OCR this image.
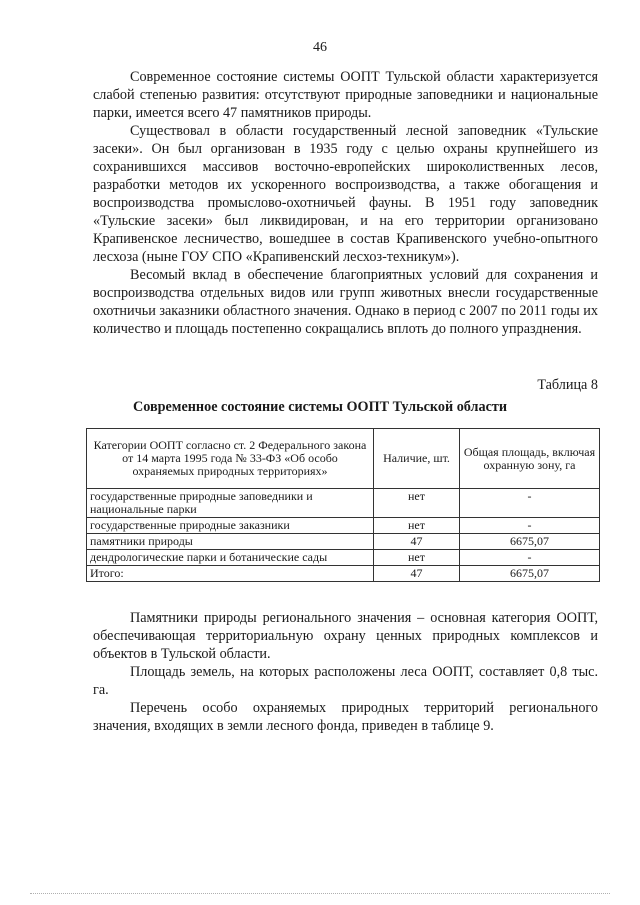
46

Современное состояние системы ООПТ Тульской области характеризуется слабой степенью развития: отсутствуют природные заповедники и национальные парки, имеется всего 47 памятников природы.

Существовал в области государственный лесной заповедник «Тульские засеки». Он был организован в 1935 году с целью охраны крупнейшего из сохранившихся массивов восточно-европейских широколиственных лесов, разработки методов их ускоренного воспроизводства, а также обогащения и воспроизводства промыслово-охотничьей фауны. В 1951 году заповедник «Тульские засеки» был ликвидирован, и на его территории организовано Крапивенское лесничество, вошедшее в состав Крапивенского учебно-опытного лесхоза (ныне ГОУ СПО «Крапивенский лесхоз-техникум»).

Весомый вклад в обеспечение благоприятных условий для сохранения и воспроизводства отдельных видов или групп животных внесли государственные охотничьи заказники областного значения. Однако в период с 2007 по 2011 годы их количество и площадь постепенно сокращались вплоть до полного упразднения.

Таблица 8
Современное состояние системы ООПТ Тульской области
Категории ООПТ согласно ст. 2 Федерального закона от 14 марта 1995 года № 33-ФЗ «Об особо охраняемых природных территориях»	Наличие, шт.	Общая площадь, включая охранную зону, га
государственные природные заповедники и национальные парки	нет	-
государственные природные заказники	нет	-
памятники природы	47	6675,07
дендрологические парки и ботанические сады	нет	-
Итого:	47	6675,07

Памятники природы регионального значения – основная категория ООПТ, обеспечивающая территориальную охрану ценных природных комплексов и объектов в Тульской области.

Площадь земель, на которых расположены леса ООПТ, составляет 0,8 тыс. га.

Перечень особо охраняемых природных территорий регионального значения, входящих в земли лесного фонда, приведен в таблице 9.
